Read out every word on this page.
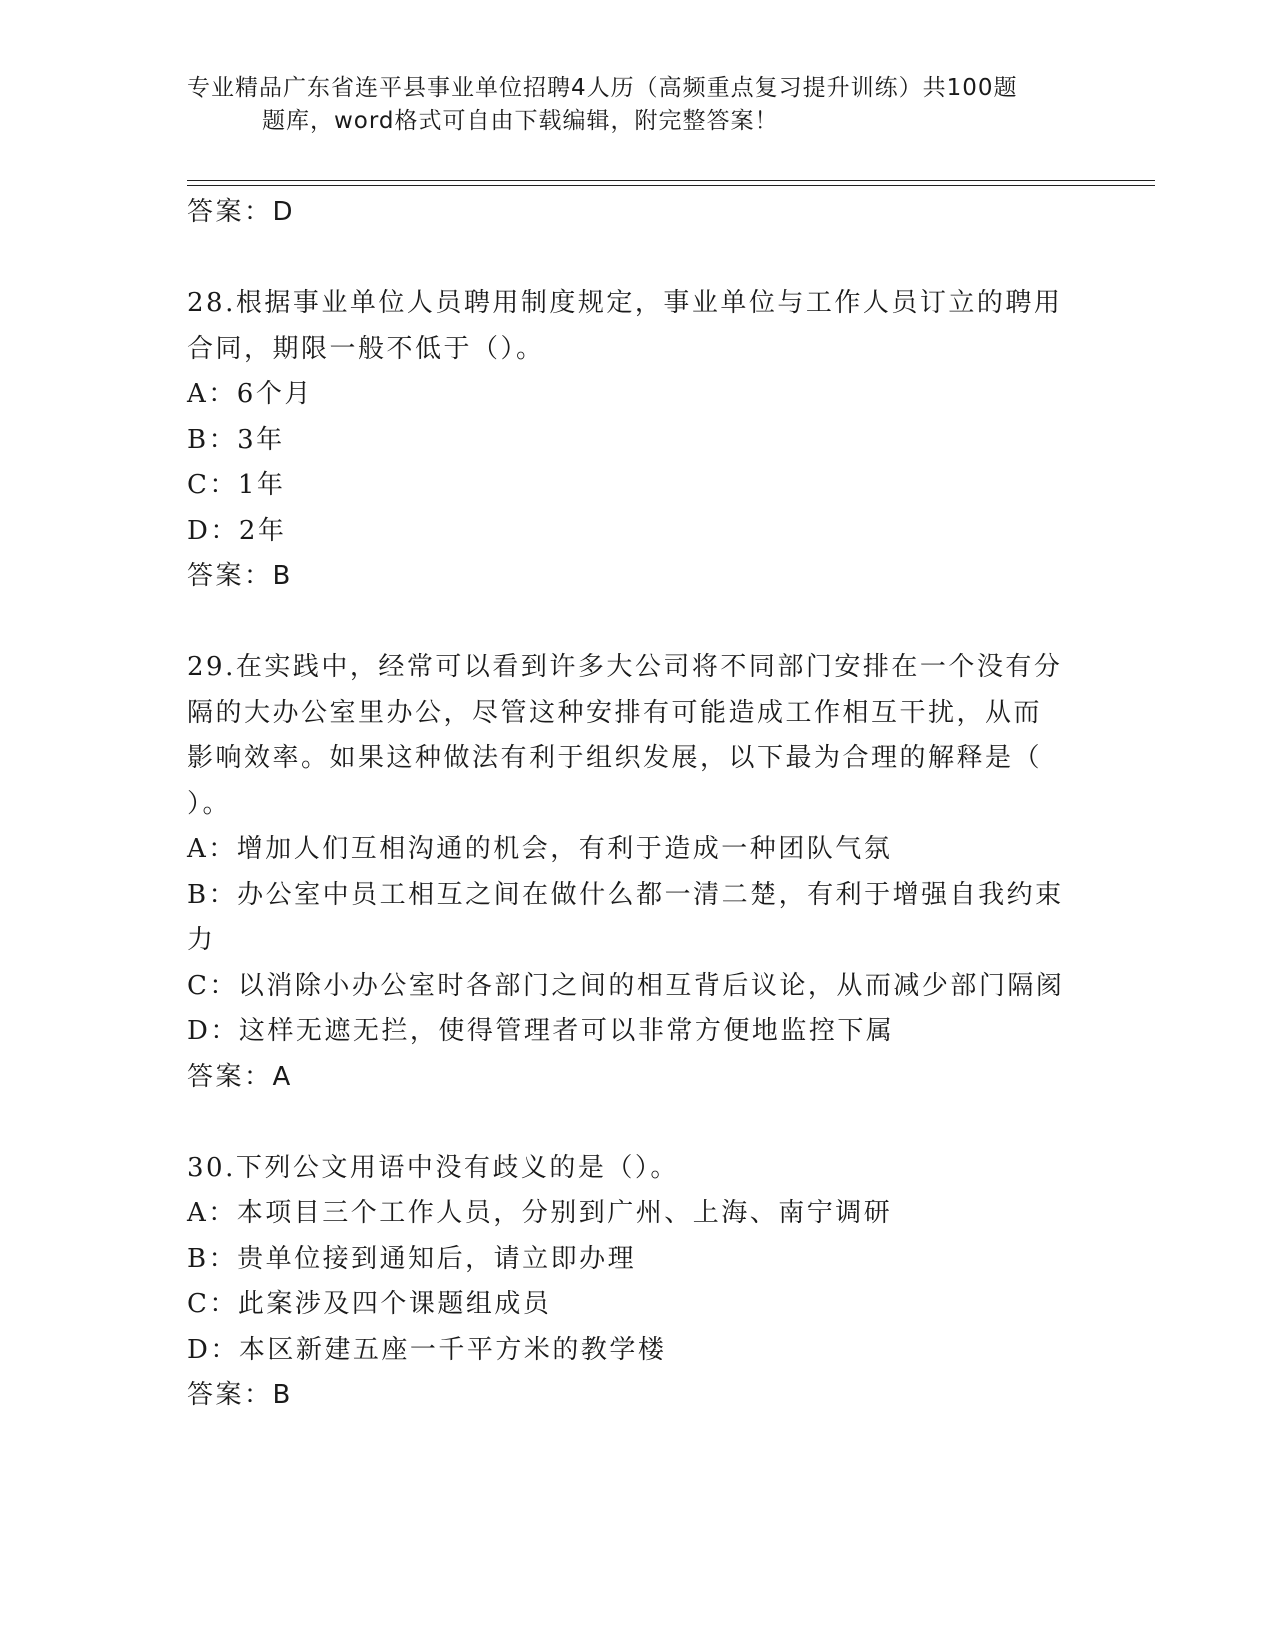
专业精品广东省连平县事业单位招聘4人历（高频重点复习提升训练）共100题
题库，word格式可自由下载编辑，附完整答案！
答案：D
28.根据事业单位人员聘用制度规定，事业单位与工作人员订立的聘用
合同，期限一般不低于（）。
A：6个月
B：3年
C：1年
D：2年
答案：B
29.在实践中，经常可以看到许多大公司将不同部门安排在一个没有分
隔的大办公室里办公，尽管这种安排有可能造成工作相互干扰，从而
影响效率。如果这种做法有利于组织发展，以下最为合理的解释是（
）。
A：增加人们互相沟通的机会，有利于造成一种团队气氛
B：办公室中员工相互之间在做什么都一清二楚，有利于增强自我约束
力
C：以消除小办公室时各部门之间的相互背后议论，从而减少部门隔阂
D：这样无遮无拦，使得管理者可以非常方便地监控下属
答案：A
30.下列公文用语中没有歧义的是（）。
A：本项目三个工作人员，分别到广州、上海、南宁调研
B：贵单位接到通知后，请立即办理
C：此案涉及四个课题组成员
D：本区新建五座一千平方米的教学楼
答案：B
